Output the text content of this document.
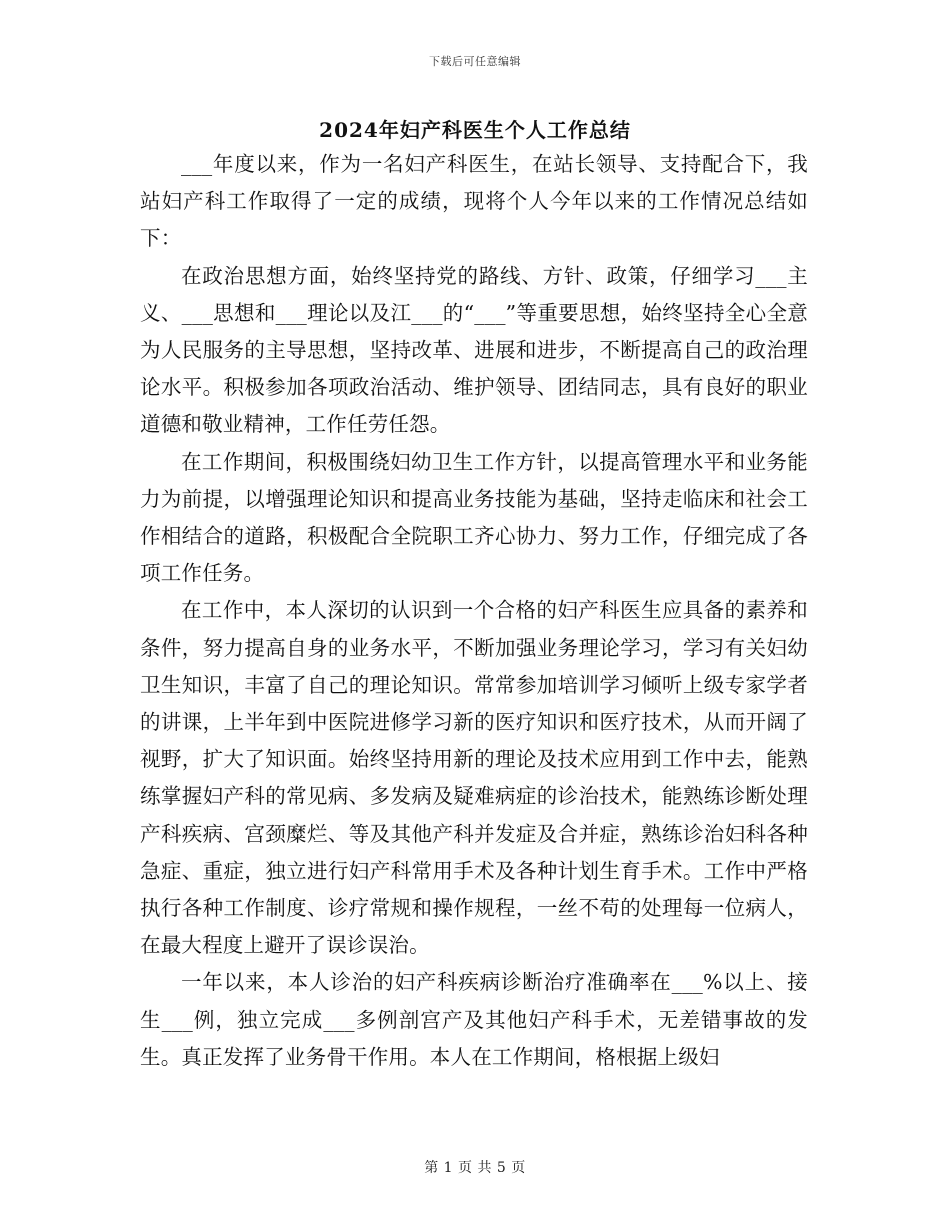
下载后可任意编辑
2024年妇产科医生个人工作总结

___年度以来，作为一名妇产科医生，在站长领导、支持配合下，我站妇产科工作取得了一定的成绩，现将个人今年以来的工作情况总结如下：

在政治思想方面，始终坚持党的路线、方针、政策，仔细学习___主义、___思想和___理论以及江___的“___”等重要思想，始终坚持全心全意为人民服务的主导思想，坚持改革、进展和进步，不断提高自己的政治理论水平。积极参加各项政治活动、维护领导、团结同志，具有良好的职业道德和敬业精神，工作任劳任怨。

在工作期间，积极围绕妇幼卫生工作方针，以提高管理水平和业务能力为前提，以增强理论知识和提高业务技能为基础，坚持走临床和社会工作相结合的道路，积极配合全院职工齐心协力、努力工作，仔细完成了各项工作任务。

在工作中，本人深切的认识到一个合格的妇产科医生应具备的素养和条件，努力提高自身的业务水平，不断加强业务理论学习，学习有关妇幼卫生知识，丰富了自己的理论知识。常常参加培训学习倾听上级专家学者的讲课，上半年到中医院进修学习新的医疗知识和医疗技术，从而开阔了视野，扩大了知识面。始终坚持用新的理论及技术应用到工作中去，能熟练掌握妇产科的常见病、多发病及疑难病症的诊治技术，能熟练诊断处理产科疾病、宫颈糜烂、等及其他产科并发症及合并症，熟练诊治妇科各种急症、重症，独立进行妇产科常用手术及各种计划生育手术。工作中严格执行各种工作制度、诊疗常规和操作规程，一丝不苟的处理每一位病人，在最大程度上避开了误诊误治。

一年以来，本人诊治的妇产科疾病诊断治疗准确率在___%以上、接生___例，独立完成___多例剖宫产及其他妇产科手术，无差错事故的发生。真正发挥了业务骨干作用。本人在工作期间，格根据上级妇

第 1 页 共 5 页
